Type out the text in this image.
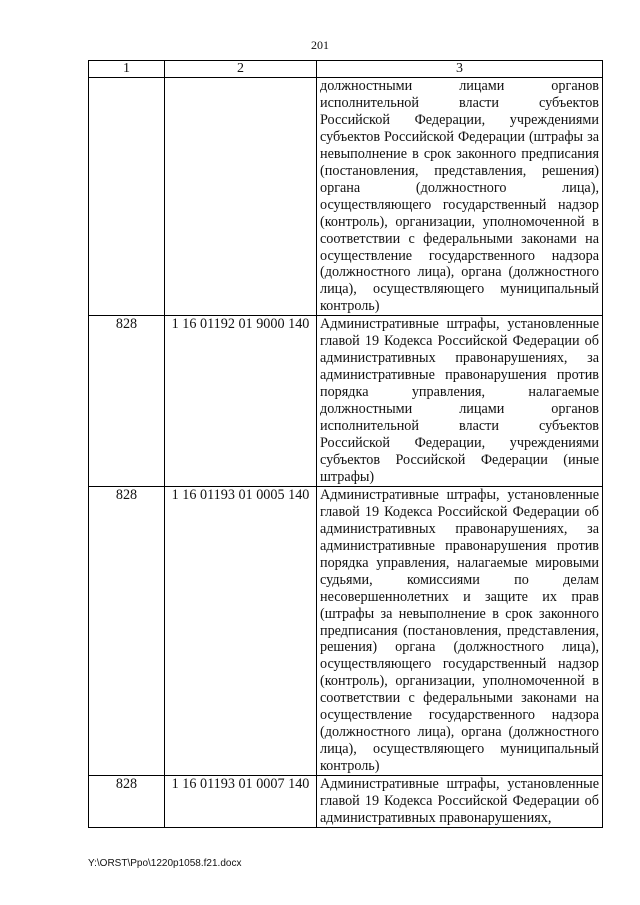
201
1	2	3
		должностными лицами органов исполнительной власти субъектов Российской Федерации, учреждениями субъектов Российской Федерации (штрафы за невыполнение в срок законного предписания (постановления, представления, решения) органа (должностного лица), осуществляющего государственный надзор (контроль), организации, уполномоченной в соответствии с федеральными законами на осуществление государственного надзора (должностного лица), органа (должностного лица), осуществляющего муниципальный контроль)
828	1 16 01192 01 9000 140	Административные штрафы, установленные главой 19 Кодекса Российской Федерации об административных правонарушениях, за административные правонарушения против порядка управления, налагаемые должностными лицами органов исполнительной власти субъектов Российской Федерации, учреждениями субъектов Российской Федерации (иные штрафы)
828	1 16 01193 01 0005 140	Административные штрафы, установленные главой 19 Кодекса Российской Федерации об административных правонарушениях, за административные правонарушения против порядка управления, налагаемые мировыми судьями, комиссиями по делам несовершеннолетних и защите их прав (штрафы за невыполнение в срок законного предписания (постановления, представления, решения) органа (должностного лица), осуществляющего государственный надзор (контроль), организации, уполномоченной в соответствии с федеральными законами на осуществление государственного надзора (должностного лица), органа (должностного лица), осуществляющего муниципальный контроль)
828	1 16 01193 01 0007 140	Административные штрафы, установленные главой 19 Кодекса Российской Федерации об административных правонарушениях,
Y:\ORST\Ppo\1220p1058.f21.docx
